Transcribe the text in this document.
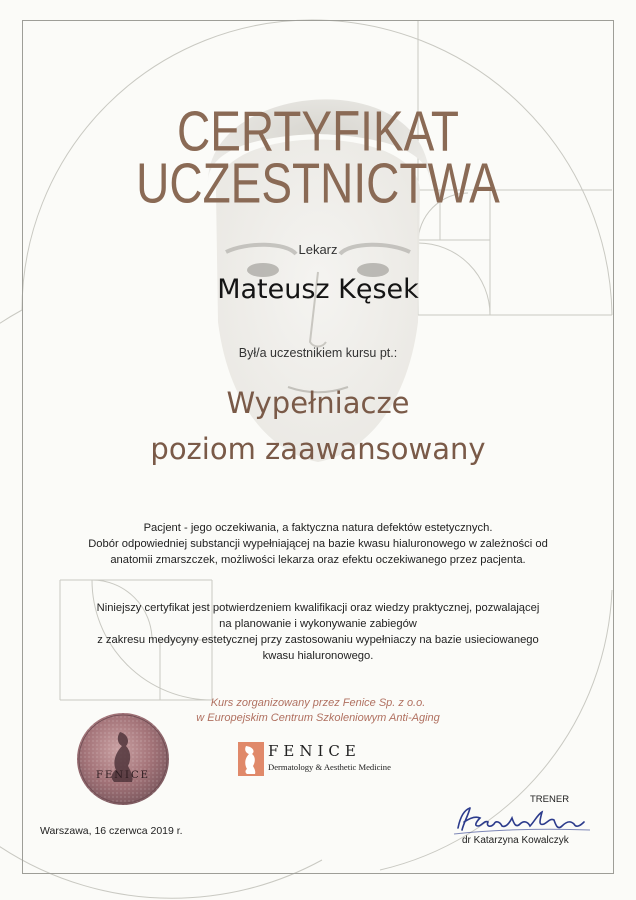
CERTYFIKAT
UCZESTNICTWA
Lekarz
Mateusz Kęsek
Był/a uczestnikiem kursu pt.:
Wypełniacze
poziom zaawansowany
Pacjent - jego oczekiwania, a faktyczna natura defektów estetycznych.
Dobór odpowiedniej substancji wypełniającej na bazie kwasu hialuronowego w zależności od
anatomii zmarszczek, możliwości lekarza oraz efektu oczekiwanego przez pacjenta.
Niniejszy certyfikat jest potwierdzeniem kwalifikacji oraz wiedzy praktycznej, pozwalającej
na planowanie i wykonywanie zabiegów
z zakresu medycyny estetycznej przy zastosowaniu wypełniaczy na bazie usieciowanego
kwasu hialuronowego.
Kurs zorganizowany przez Fenice Sp. z o.o.
w Europejskim Centrum Szkoleniowym Anti-Aging
FENICE
FENICE
Dermatology & Aesthetic Medicine
Warszawa, 16 czerwca 2019 r.
TRENER
dr Katarzyna Kowalczyk
